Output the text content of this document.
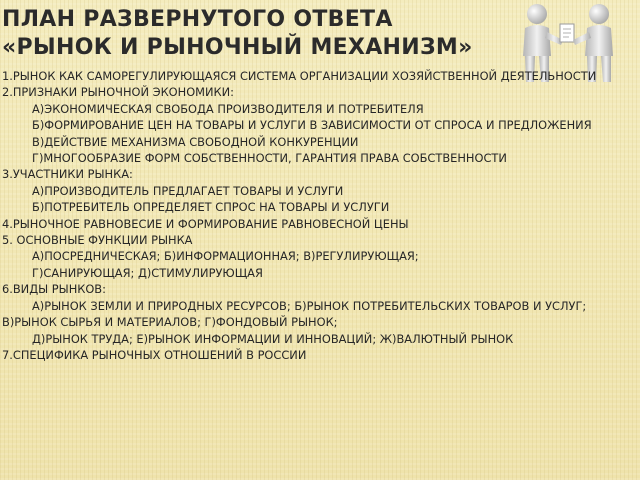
ПЛАН РАЗВЕРНУТОГО ОТВЕТА
«РЫНОК И РЫНОЧНЫЙ МЕХАНИЗМ»

1.РЫНОК КАК САМОРЕГУЛИРУЮЩАЯСЯ СИСТЕМА ОРГАНИЗАЦИИ ХОЗЯЙСТВЕННОЙ ДЕЯТЕЛЬНОСТИ

2.ПРИЗНАКИ РЫНОЧНОЙ ЭКОНОМИКИ:

А)ЭКОНОМИЧЕСКАЯ СВОБОДА ПРОИЗВОДИТЕЛЯ И ПОТРЕБИТЕЛЯ

Б)ФОРМИРОВАНИЕ ЦЕН НА ТОВАРЫ И УСЛУГИ В ЗАВИСИМОСТИ ОТ СПРОСА И ПРЕДЛОЖЕНИЯ

В)ДЕЙСТВИЕ МЕХАНИЗМА СВОБОДНОЙ КОНКУРЕНЦИИ

Г)МНОГООБРАЗИЕ ФОРМ СОБСТВЕННОСТИ, ГАРАНТИЯ ПРАВА СОБСТВЕННОСТИ

3.УЧАСТНИКИ РЫНКА:

А)ПРОИЗВОДИТЕЛЬ ПРЕДЛАГАЕТ ТОВАРЫ И УСЛУГИ

Б)ПОТРЕБИТЕЛЬ ОПРЕДЕЛЯЕТ СПРОС НА ТОВАРЫ И УСЛУГИ

4.РЫНОЧНОЕ РАВНОВЕСИЕ И ФОРМИРОВАНИЕ РАВНОВЕСНОЙ ЦЕНЫ

5. ОСНОВНЫЕ ФУНКЦИИ РЫНКА

А)ПОСРЕДНИЧЕСКАЯ; Б)ИНФОРМАЦИОННАЯ; В)РЕГУЛИРУЮЩАЯ;

Г)САНИРУЮЩАЯ; Д)СТИМУЛИРУЮЩАЯ

6.ВИДЫ РЫНКОВ:

А)РЫНОК ЗЕМЛИ И ПРИРОДНЫХ РЕСУРСОВ; Б)РЫНОК ПОТРЕБИТЕЛЬСКИХ ТОВАРОВ И УСЛУГ; В)РЫНОК СЫРЬЯ И МАТЕРИАЛОВ; Г)ФОНДОВЫЙ РЫНОК;

Д)РЫНОК ТРУДА; Е)РЫНОК ИНФОРМАЦИИ И ИННОВАЦИЙ; Ж)ВАЛЮТНЫЙ РЫНОК

7.СПЕЦИФИКА РЫНОЧНЫХ ОТНОШЕНИЙ В РОССИИ
